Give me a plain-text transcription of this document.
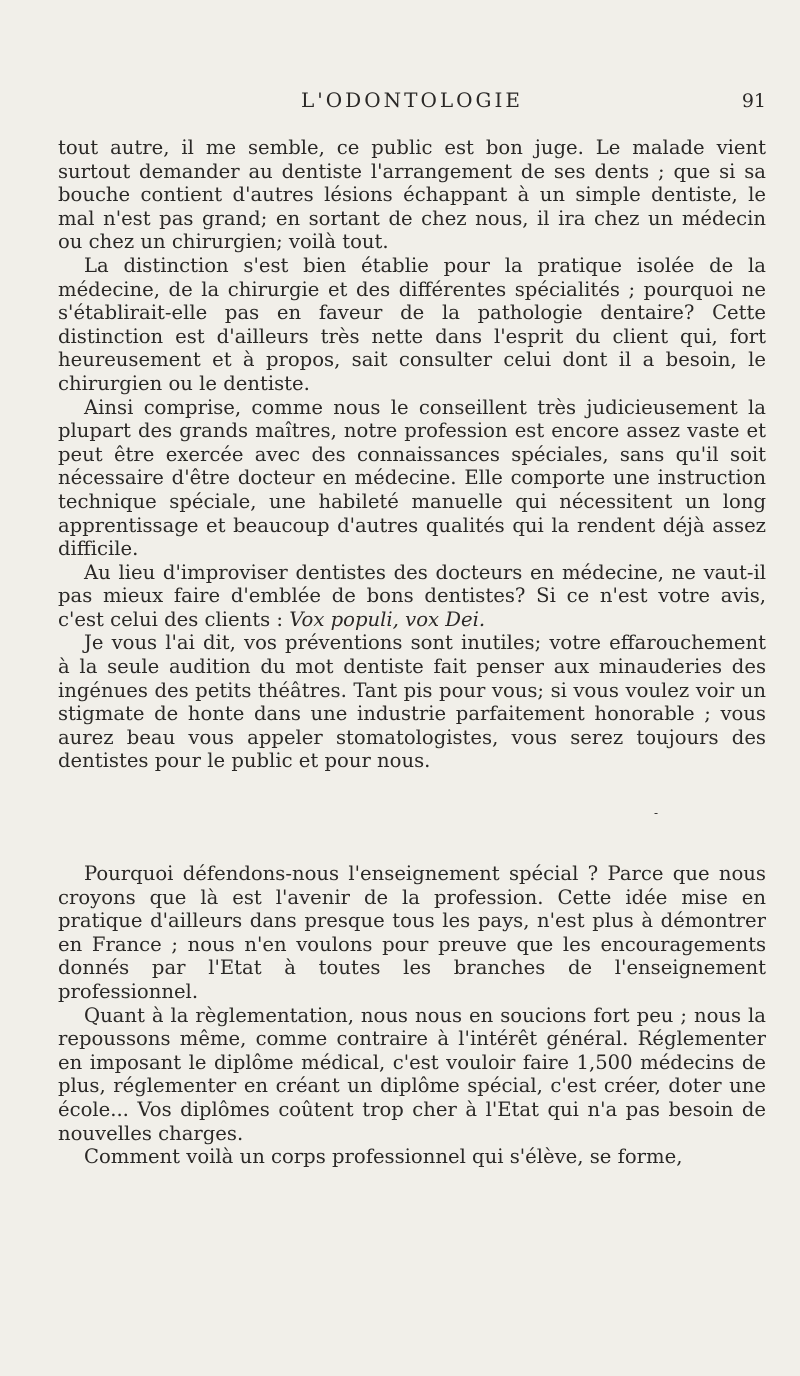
L'ODONTOLOGIE	91

tout autre, il me semble, ce public est bon juge. Le malade vient surtout demander au dentiste l'arrangement de ses dents ; que si sa bouche contient d'autres lésions échappant à un simple dentiste, le mal n'est pas grand; en sortant de chez nous, il ira chez un médecin ou chez un chirurgien; voilà tout.

La distinction s'est bien établie pour la pratique isolée de la médecine, de la chirurgie et des différentes spécialités ; pourquoi ne s'établirait-elle pas en faveur de la pathologie dentaire? Cette distinction est d'ailleurs très nette dans l'esprit du client qui, fort heureusement et à propos, sait consulter celui dont il a besoin, le chirurgien ou le dentiste.

Ainsi comprise, comme nous le conseillent très judicieusement la plupart des grands maîtres, notre profession est encore assez vaste et peut être exercée avec des connaissances spéciales, sans qu'il soit nécessaire d'être docteur en médecine. Elle comporte une instruction technique spéciale, une habileté manuelle qui nécessitent un long apprentissage et beaucoup d'autres qualités qui la rendent déjà assez difficile.

Au lieu d'improviser dentistes des docteurs en médecine, ne vaut-il pas mieux faire d'emblée de bons dentistes? Si ce n'est votre avis, c'est celui des clients : Vox populi, vox Dei.

Je vous l'ai dit, vos préventions sont inutiles; votre effarouchement à la seule audition du mot dentiste fait penser aux minauderies des ingénues des petits théâtres. Tant pis pour vous; si vous voulez voir un stigmate de honte dans une industrie parfaitement honorable ; vous aurez beau vous appeler stomatologistes, vous serez toujours des dentistes pour le public et pour nous.

-

Pourquoi défendons-nous l'enseignement spécial ? Parce que nous croyons que là est l'avenir de la profession. Cette idée mise en pratique d'ailleurs dans presque tous les pays, n'est plus à démontrer en France ; nous n'en voulons pour preuve que les encouragements donnés par l'Etat à toutes les branches de l'enseignement professionnel.

Quant à la règlementation, nous nous en soucions fort peu ; nous la repoussons même, comme contraire à l'intérêt général. Réglementer en imposant le diplôme médical, c'est vouloir faire 1,500 médecins de plus, réglementer en créant un diplôme spécial, c'est créer, doter une école... Vos diplômes coûtent trop cher à l'Etat qui n'a pas besoin de nouvelles charges.

Comment voilà un corps professionnel qui s'élève, se forme,
